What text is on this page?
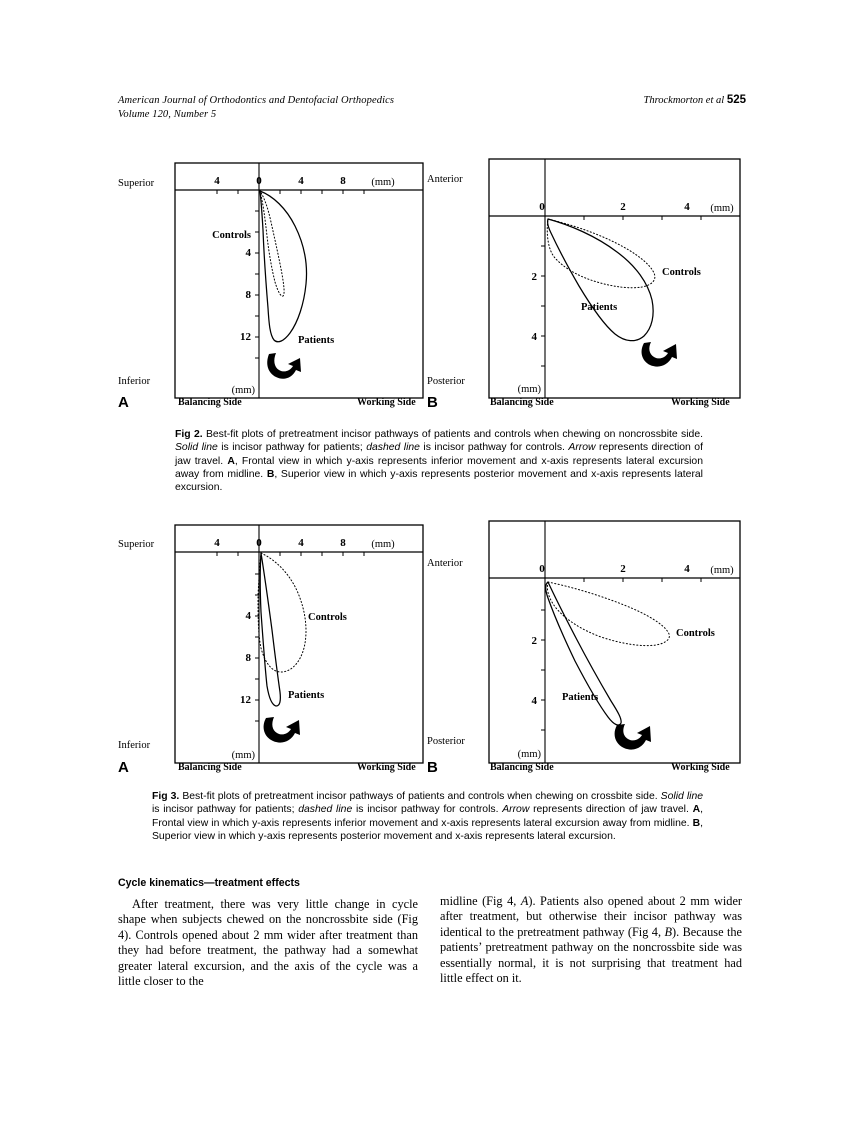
American Journal of Orthodontics and Dentofacial Orthopedics
Volume 120, Number 5
Throckmorton et al 525
4	0	4	8 (mm)
4
8
12
(mm)
Controls
Patients
Superior
Inferior
A	Balancing Side	Working Side
0	2	4 (mm)
2
4
(mm)
Controls
Patients
Anterior
Posterior
B	Balancing Side	Working Side
Fig 2. Best-fit plots of pretreatment incisor pathways of patients and controls when chewing on noncrossbite side. Solid line is incisor pathway for patients; dashed line is incisor pathway for controls. Arrow represents direction of jaw travel. A, Frontal view in which y-axis represents inferior movement and x-axis represents lateral excursion away from midline. B, Superior view in which y-axis represents posterior movement and x-axis represents lateral excursion.
4	0	4	8 (mm)
4
8
12
(mm)
Controls
Patients
Superior
Inferior
A	Balancing Side	Working Side
0	2	4 (mm)
2
4
(mm)
Controls
Patients
Anterior
Posterior
B	Balancing Side	Working Side
Fig 3. Best-fit plots of pretreatment incisor pathways of patients and controls when chewing on crossbite side. Solid line is incisor pathway for patients; dashed line is incisor pathway for controls. Arrow represents direction of jaw travel. A, Frontal view in which y-axis represents inferior movement and x-axis represents lateral excursion away from midline. B, Superior view in which y-axis represents posterior movement and x-axis represents lateral excursion.
Cycle kinematics—treatment effects

After treatment, there was very little change in cycle shape when subjects chewed on the noncrossbite side (Fig 4). Controls opened about 2 mm wider after treatment than they had before treatment, the pathway had a somewhat greater lateral excursion, and the axis of the cycle was a little closer to the

midline (Fig 4, A). Patients also opened about 2 mm wider after treatment, but otherwise their incisor pathway was identical to the pretreatment pathway (Fig 4, B). Because the patients’ pretreatment pathway on the noncrossbite side was essentially normal, it is not surprising that treatment had little effect on it.
